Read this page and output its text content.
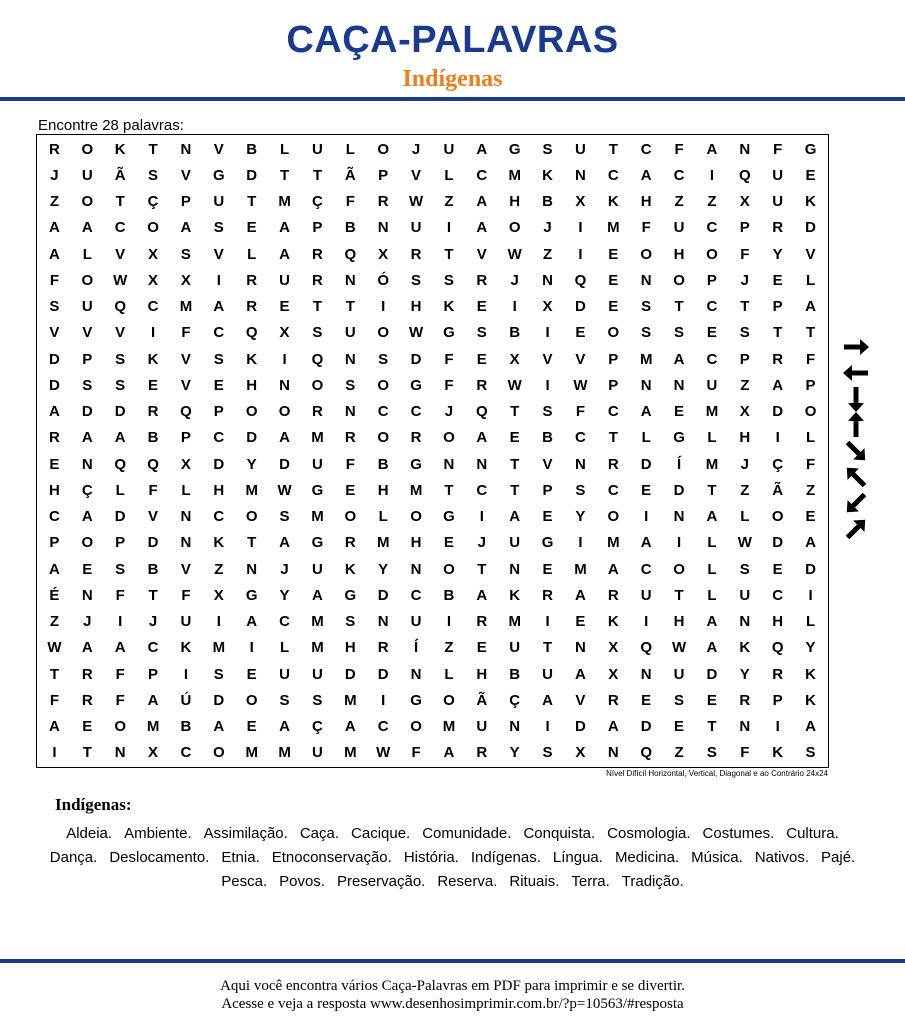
CAÇA-PALAVRAS
Indígenas
Encontre 28 palavras:
R	O	K	T	N	V	B	L	U	L	O	J	U	A	G	S	U	T	C	F	A	N	F	G
J	U	Ã	S	V	G	D	T	T	Ã	P	V	L	C	M	K	N	C	A	C	I	Q	U	E
Z	O	T	Ç	P	U	T	M	Ç	F	R	W	Z	A	H	B	X	K	H	Z	Z	X	U	K
A	A	C	O	A	S	E	A	P	B	N	U	I	A	O	J	I	M	F	U	C	P	R	D
A	L	V	X	S	V	L	A	R	Q	X	R	T	V	W	Z	I	E	O	H	O	F	Y	V
F	O	W	X	X	I	R	U	R	N	Ó	S	S	R	J	N	Q	E	N	O	P	J	E	L
S	U	Q	C	M	A	R	E	T	T	I	H	K	E	I	X	D	E	S	T	C	T	P	A
V	V	V	I	F	C	Q	X	S	U	O	W	G	S	B	I	E	O	S	S	E	S	T	T
D	P	S	K	V	S	K	I	Q	N	S	D	F	E	X	V	V	P	M	A	C	P	R	F
D	S	S	E	V	E	H	N	O	S	O	G	F	R	W	I	W	P	N	N	U	Z	A	P
A	D	D	R	Q	P	O	O	R	N	C	C	J	Q	T	S	F	C	A	E	M	X	D	O
R	A	A	B	P	C	D	A	M	R	O	R	O	A	E	B	C	T	L	G	L	H	I	L
E	N	Q	Q	X	D	Y	D	U	F	B	G	N	N	T	V	N	R	D	Í	M	J	Ç	F
H	Ç	L	F	L	H	M	W	G	E	H	M	T	C	T	P	S	C	E	D	T	Z	Ã	Z
C	A	D	V	N	C	O	S	M	O	L	O	G	I	A	E	Y	O	I	N	A	L	O	E
P	O	P	D	N	K	T	A	G	R	M	H	E	J	U	G	I	M	A	I	L	W	D	A
A	E	S	B	V	Z	N	J	U	K	Y	N	O	T	N	E	M	A	C	O	L	S	E	D
É	N	F	T	F	X	G	Y	A	G	D	C	B	A	K	R	A	R	U	T	L	U	C	I
Z	J	I	J	U	I	A	C	M	S	N	U	I	R	M	I	E	K	I	H	A	N	H	L
W	A	A	C	K	M	I	L	M	H	R	Í	Z	E	U	T	N	X	Q	W	A	K	Q	Y
T	R	F	P	I	S	E	U	U	D	D	N	L	H	B	U	A	X	N	U	D	Y	R	K
F	R	F	A	Ú	D	O	S	S	M	I	G	O	Ã	Ç	A	V	R	E	S	E	R	P	K
A	E	O	M	B	A	E	A	Ç	A	C	O	M	U	N	I	D	A	D	E	T	N	I	A
I	T	N	X	C	O	M	M	U	M	W	F	A	R	Y	S	X	N	Q	Z	S	F	K	S
Nível Difícil Horizontal, Vertical, Diagonal e ao Contrário 24x24
Indígenas:
Aldeia. Ambiente. Assimilação. Caça. Cacique. Comunidade. Conquista. Cosmologia. Costumes. Cultura.Dança. Deslocamento. Etnia. Etnoconservação. História. Indígenas. Língua. Medicina. Música. Nativos. Pajé.Pesca. Povos. Preservação. Reserva. Rituais. Terra. Tradição.
Aqui você encontra vários Caça-Palavras em PDF para imprimir e se divertir.
Acesse e veja a resposta www.desenhosimprimir.com.br/?p=10563/#resposta
